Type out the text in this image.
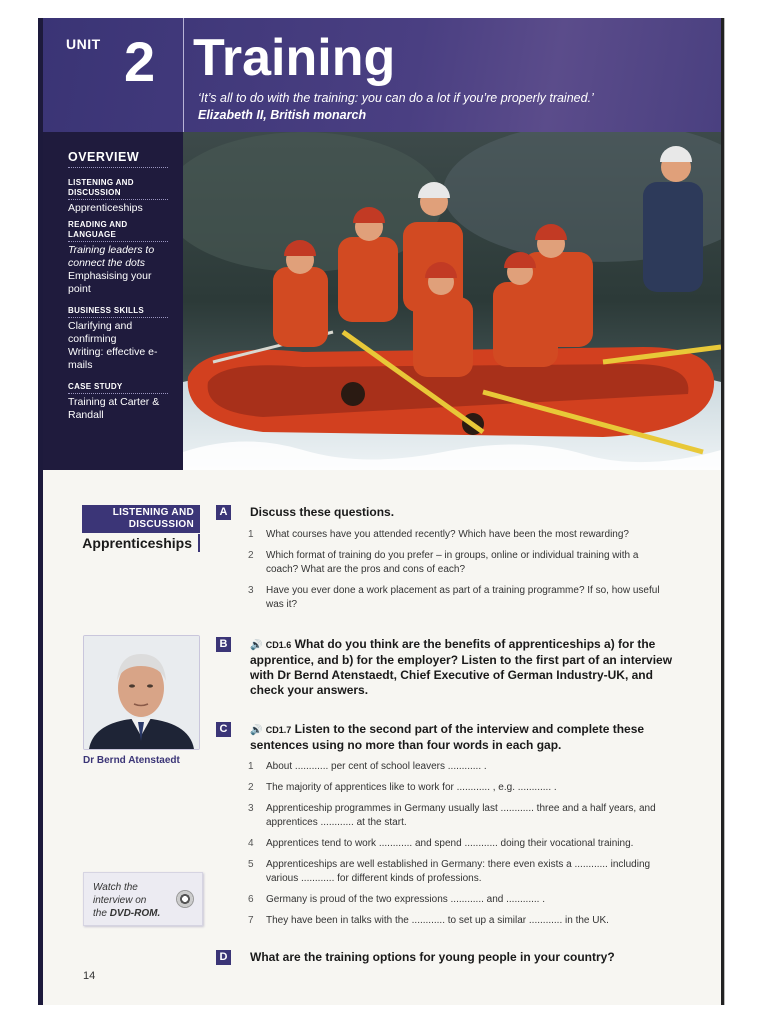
UNIT 2 Training
‘It’s all to do with the training: you can do a lot if you’re properly trained.’
Elizabeth II, British monarch
OVERVIEW
LISTENING AND DISCUSSION
Apprenticeships
READING AND LANGUAGE
Training leaders to connect the dots
Emphasising your point
BUSINESS SKILLS
Clarifying and confirming
Writing: effective e-mails
CASE STUDY
Training at Carter & Randall
LISTENING AND DISCUSSION
Apprenticeships
A Discuss these questions.
1	What courses have you attended recently? Which have been the most rewarding?
2	Which format of training do you prefer – in groups, online or individual training with a coach? What are the pros and cons of each?
3	Have you ever done a work placement as part of a training programme? If so, how useful was it?
Dr Bernd Atenstaedt
B	🔊 CD1.6 What do you think are the benefits of apprenticeships a) for the apprentice, and b) for the employer? Listen to the first part of an interview with Dr Bernd Atenstaedt, Chief Executive of German Industry-UK, and check your answers.
C	🔊 CD1.7 Listen to the second part of the interview and complete these sentences using no more than four words in each gap.
1	About ............ per cent of school leavers ............ .
2	The majority of apprentices like to work for ............ , e.g. ............ .
3	Apprenticeship programmes in Germany usually last ............ three and a half years, and apprentices ............ at the start.
4	Apprentices tend to work ............ and spend ............ doing their vocational training.
5	Apprenticeships are well established in Germany: there even exists a ............ including various ............ for different kinds of professions.
6	Germany is proud of the two expressions ............ and ............ .
7	They have been in talks with the ............ to set up a similar ............ in the UK.
Watch the
interview on
the DVD-ROM.
D What are the training options for young people in your country?
14
